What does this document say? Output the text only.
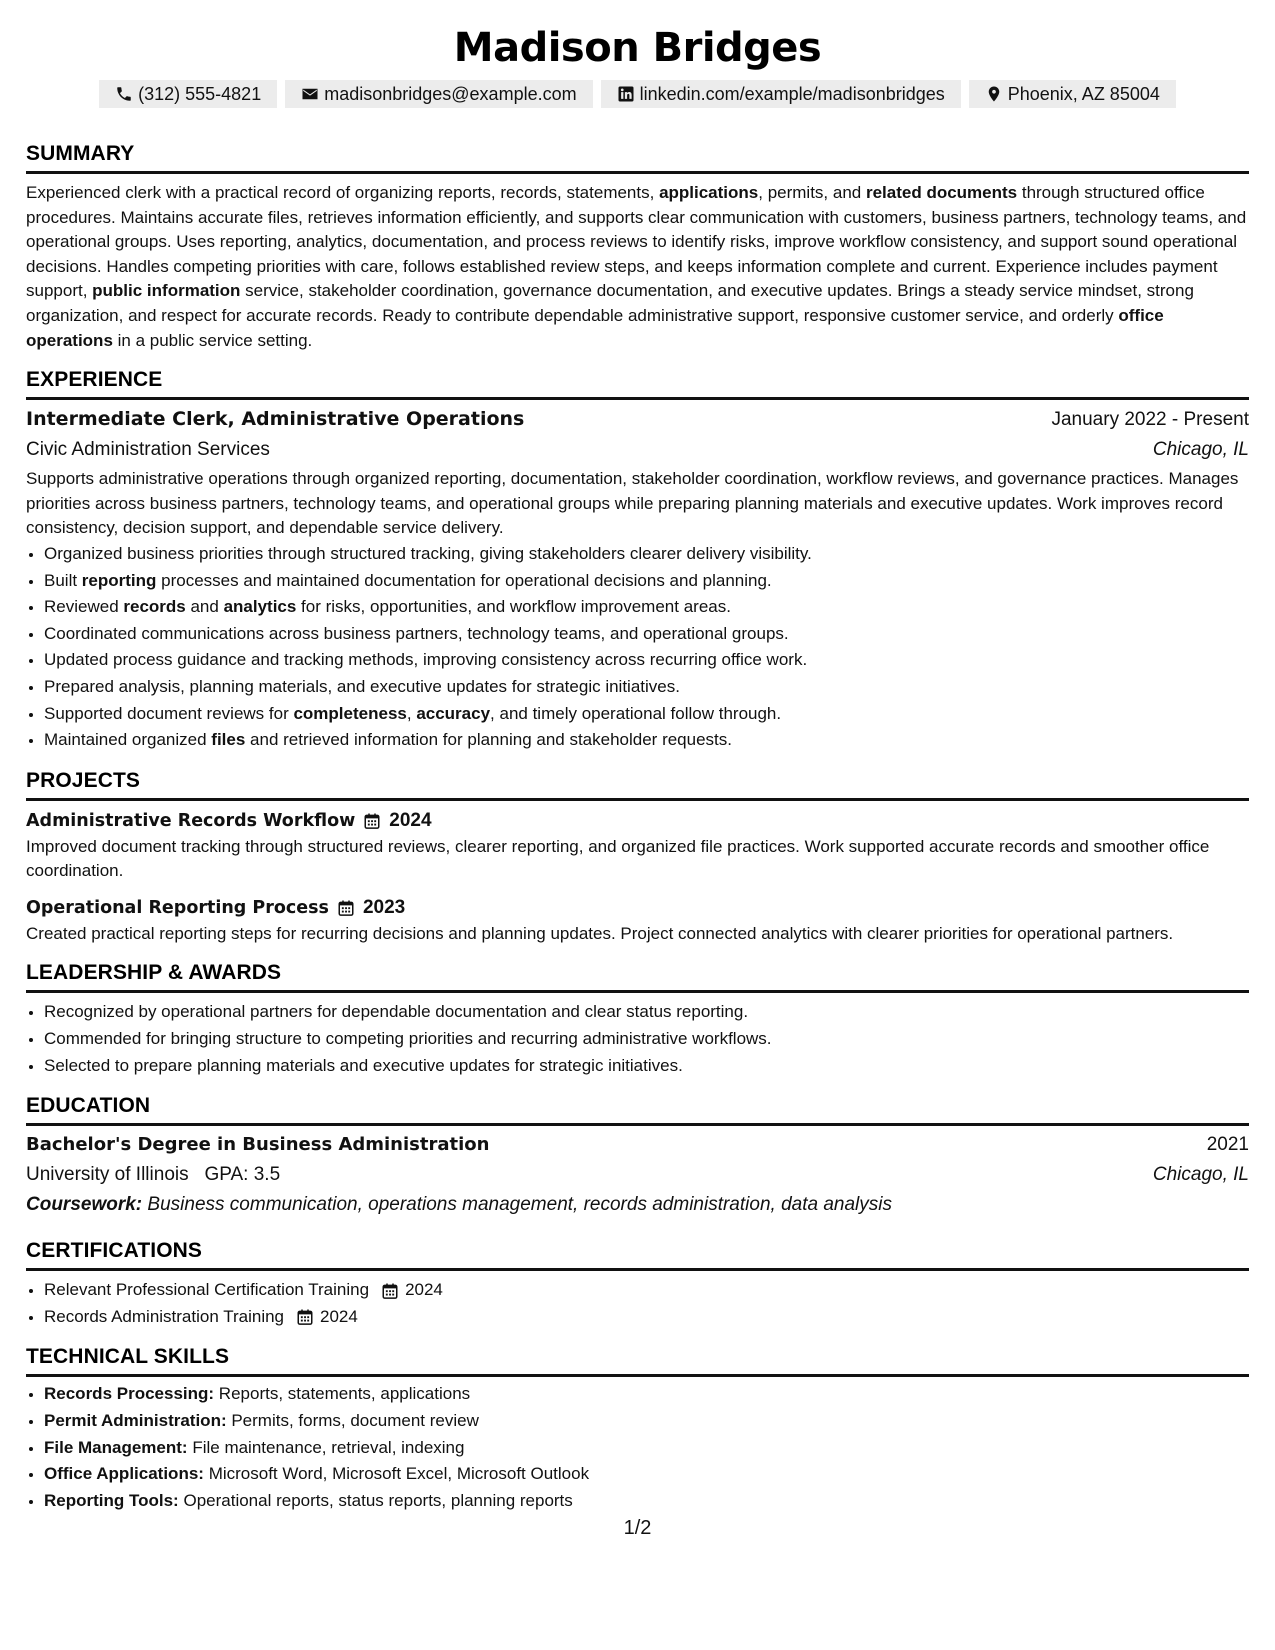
Madison Bridges
(312) 555-4821	madisonbridges@example.com	linkedin.com/example/madisonbridges	Phoenix, AZ 85004
SUMMARY

Experienced clerk with a practical record of organizing reports, records, statements, applications, permits, and related documents through structured office procedures. Maintains accurate files, retrieves information efficiently, and supports clear communication with customers, business partners, technology teams, and operational groups. Uses reporting, analytics, documentation, and process reviews to identify risks, improve workflow consistency, and support sound operational decisions. Handles competing priorities with care, follows established review steps, and keeps information complete and current. Experience includes payment support, public information service, stakeholder coordination, governance documentation, and executive updates. Brings a steady service mindset, strong organization, and respect for accurate records. Ready to contribute dependable administrative support, responsive customer service, and orderly office operations in a public service setting.

EXPERIENCE
Intermediate Clerk, Administrative Operations	January 2022 - Present
Civic Administration Services	Chicago, IL

Supports administrative operations through organized reporting, documentation, stakeholder coordination, workflow reviews, and governance practices. Manages priorities across business partners, technology teams, and operational groups while preparing planning materials and executive updates. Work improves record consistency, decision support, and dependable service delivery.

• Organized business priorities through structured tracking, giving stakeholders clearer delivery visibility.
• Built reporting processes and maintained documentation for operational decisions and planning.
• Reviewed records and analytics for risks, opportunities, and workflow improvement areas.
• Coordinated communications across business partners, technology teams, and operational groups.
• Updated process guidance and tracking methods, improving consistency across recurring office work.
• Prepared analysis, planning materials, and executive updates for strategic initiatives.
• Supported document reviews for completeness, accuracy, and timely operational follow through.
• Maintained organized files and retrieved information for planning and stakeholder requests.
PROJECTS
Administrative Records Workflow 2024

Improved document tracking through structured reviews, clearer reporting, and organized file practices. Work supported accurate records and smoother office coordination.

Operational Reporting Process 2023

Created practical reporting steps for recurring decisions and planning updates. Project connected analytics with clearer priorities for operational partners.

LEADERSHIP & AWARDS
• Recognized by operational partners for dependable documentation and clear status reporting.
• Commended for bringing structure to competing priorities and recurring administrative workflows.
• Selected to prepare planning materials and executive updates for strategic initiatives.
EDUCATION
Bachelor's Degree in Business Administration	2021
University of Illinois GPA: 3.5	Chicago, IL
Coursework: Business communication, operations management, records administration, data analysis
CERTIFICATIONS
• Relevant Professional Certification Training 2024
• Records Administration Training 2024
TECHNICAL SKILLS
• Records Processing: Reports, statements, applications
• Permit Administration: Permits, forms, document review
• File Management: File maintenance, retrieval, indexing
• Office Applications: Microsoft Word, Microsoft Excel, Microsoft Outlook
• Reporting Tools: Operational reports, status reports, planning reports
1/2
